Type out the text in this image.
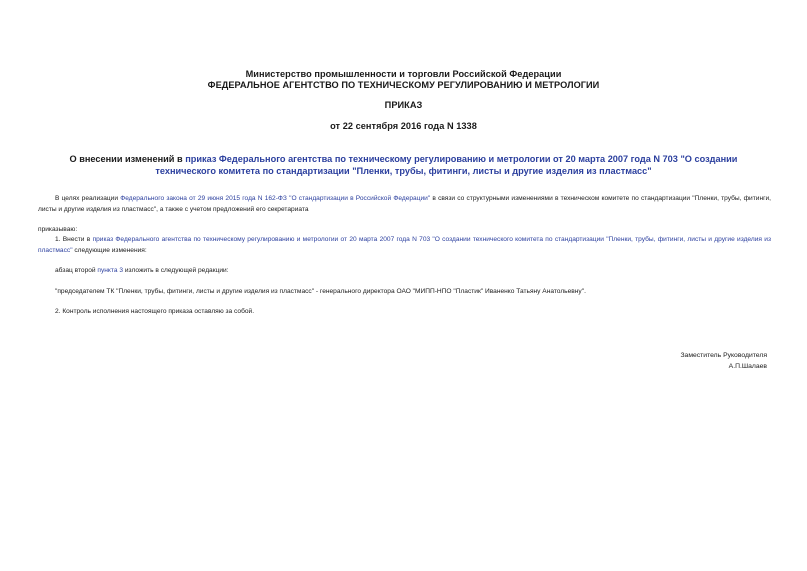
Министерство промышленности и торговли Российской Федерации
ФЕДЕРАЛЬНОЕ АГЕНТСТВО ПО ТЕХНИЧЕСКОМУ РЕГУЛИРОВАНИЮ И МЕТРОЛОГИИ
ПРИКАЗ
от 22 сентября 2016 года N 1338
О внесении изменений в приказ Федерального агентства по техническому регулированию и метрологии от 20 марта 2007 года N 703 "О создании технического комитета по стандартизации "Пленки, трубы, фитинги, листы и другие изделия из пластмасс"
В целях реализации Федерального закона от 29 июня 2015 года N 162-ФЗ "О стандартизации в Российской Федерации" в связи со структурными изменениями в техническом комитете по стандартизации "Пленки, трубы, фитинги, листы и другие изделия из пластмасс", а также с учетом предложений его секретариата
приказываю:
1. Внести в приказ Федерального агентства по техническому регулированию и метрологии от 20 марта 2007 года N 703 "О создании технического комитета по стандартизации "Пленки, трубы, фитинги, листы и другие изделия из пластмасс" следующие изменения:
абзац второй пункта 3 изложить в следующей редакции:
"председателем ТК "Пленки, трубы, фитинги, листы и другие изделия из пластмасс" - генерального директора ОАО "МИПП-НПО "Пластик" Иваненко Татьяну Анатольевну".
2. Контроль исполнения настоящего приказа оставляю за собой.
Заместитель Руководителя
А.П.Шалаев
